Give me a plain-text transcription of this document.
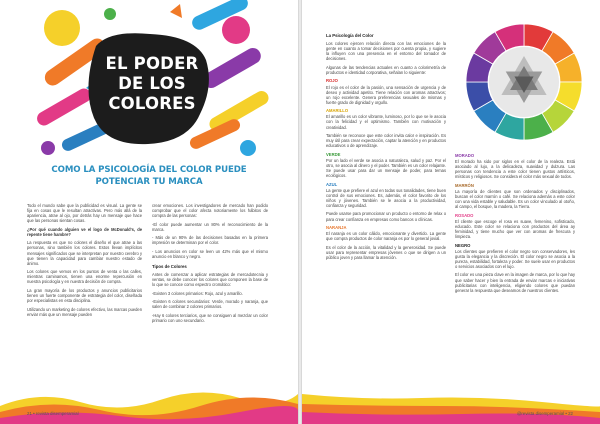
EL PODER
DE LOS
COLORES
COMO LA PSICOLOGÍA DEL COLOR PUEDE POTENCIAR TU MARCA

Todo el mundo sabe que la publicidad es visual. La gente se fija en cosas que le resultan atractivas. Pero más allá de la apariencia, atrae al ojo, por detrás hay un mensaje que hace que las personas sientan cosas.

¿Por qué cuando alguien ve el logo de McDonald's, de repente tiene hambre?

La respuesta es que no colores el diseño el que atrae a las personas, sino también los colores. Estos llevan implícitos mensajes significados que se interpretan por nuestro cerebro y que tienen la capacidad para cambiar nuestro estado de ánimo.

Los colores que vemos en los puntos de venta o las calles, mientras caminamos, tienen una enorme repercusión en nuestra psicología y en nuestra decisión de compra.

La gran mayoría de los productos y anuncios publicitarios tienen un fuerte componente de estrategia del color, diseñada por especialistas en esta disciplina.

Utilizando un marketing de colores efectivo, las marcas pueden enviar más que un mensaje pueden

crear emociones. Los investigadores de mercado han podido comprobar que el color afecta notoriamente los hábitos de compra de las personas:

-El color puede aumentar un 80% el reconocimiento de la marca.

- Más de un 90% de las decisiones basadas en la primera impresión se determinan por el color.

- Los anuncios en color se leen un 42% más que el mismo anuncio en blanco y negro.

Tipos de Colores

Antes de comenzar a aplicar estrategias de mercadotecnia y ventas, se debe conocer los colores que componen la base de lo que se conoce como espectro cromático:

-Existen 3 colores primarios: Rojo, azul y amarillo.

-Existen 6 colores secundarios: Verde, morado y naranja, que salen de combinar 2 colores primarios.

-Hay 6 colores terciarios, que se consiguen al mezclar un color primario con uno secundario.

21 • revista disemperamial
La Psicología del Color

Los colores ejercen relación directa con las emociones de la gente en cuanto a tomar decisiones por cuenta propia, y sugiere la influyen con una presencia en el entorno del tomador de decisiones.

Algunas de las tendencias actuales en cuanto a colorimetría de productos e identidad corporativa, señalan lo siguiente:

ROJO

El rojo es el color de la pasión, una sensación de urgencia y de deseo y actividad apetito. Tiene relación con aromas atractivos; un rojo excelente. Genera preferencias sexuales de mismas y fuerte grado de dignidad y orgullo.

AMARILLO

El amarillo es un color vibrante, luminoso, por lo que se le asocia con la felicidad y el optimismo. También con motivación y creatividad.

También se reconoce que este color invita calor e inspiración. Es muy útil para crear expectación, captar la atención y en productos educativos o de aprendizaje.

VERDE

Por un lado el verde se asocia a naturaleza, salud y paz. Por el otro, se asocia al dinero y el poder. También es un color relajante. Se puede usar para dar un mensaje de poder, para temas ecológicos.

AZUL

La gente que prefiere el azul en todas sus tonalidades, tiene buen control de sus emociones. Es, además, el color favorito de los niños y jóvenes. También se le asocia a la productividad, confianza y seguridad.

Puede usarse para promocionar un producto o entorno de relax o para crear confianza en empresas como bancos o clínicas.

NARANJA

El naranja es un color cálido, emocionante y divertido. La gente que compra productos de color naranja es por lo general jovial.

Es el color de la acción, la vitalidad y la generosidad. Se puede usar para representar empresas jóvenes o que se dirigen a un público joven y para llamar la atención.

MORADO

El morado ha sido por siglos en el color de la realeza. Está asociado al lujo, a la delicadeza, suavidad y dulzura. Las personas con tendencia a este color tienen gustos artísticos, místicos y religiosos. Se considera el color más sexual de todos.

MARRÓN

La mayoría de clientes que son ordenados y disciplinados, buscan el color marrón o café. Se relaciona además a este color con una vida estable y saludable. Es un color vinculado al otoño, al campo, el bosque, la madera, la Tierra.

ROSADO

El cliente que escoge el rosa es suave, femenino, sofisticado, educado. Este color se relaciona con productos del área ay feminidad, y tiene mucho que ver con aromas de frescura y limpieza.

NEGRO

Los clientes que prefieren el color negro son conservadores, les gusta la elegancia y la discreción. El color negro se asocia a la pureza, estabilidad, fortaleza y poder. Se suele usar en productos o servicios asociados con el lujo.

El color es una pieza clave en la imagen de marca, por lo que hay que saber hacer y bien la entrada de enviar marcas e iniciativas publicitarias con inteligencia, eligiendo colores que puedan generar la respuesta que deseamos de nuestros clientes.

@revista disemperamial • 22
